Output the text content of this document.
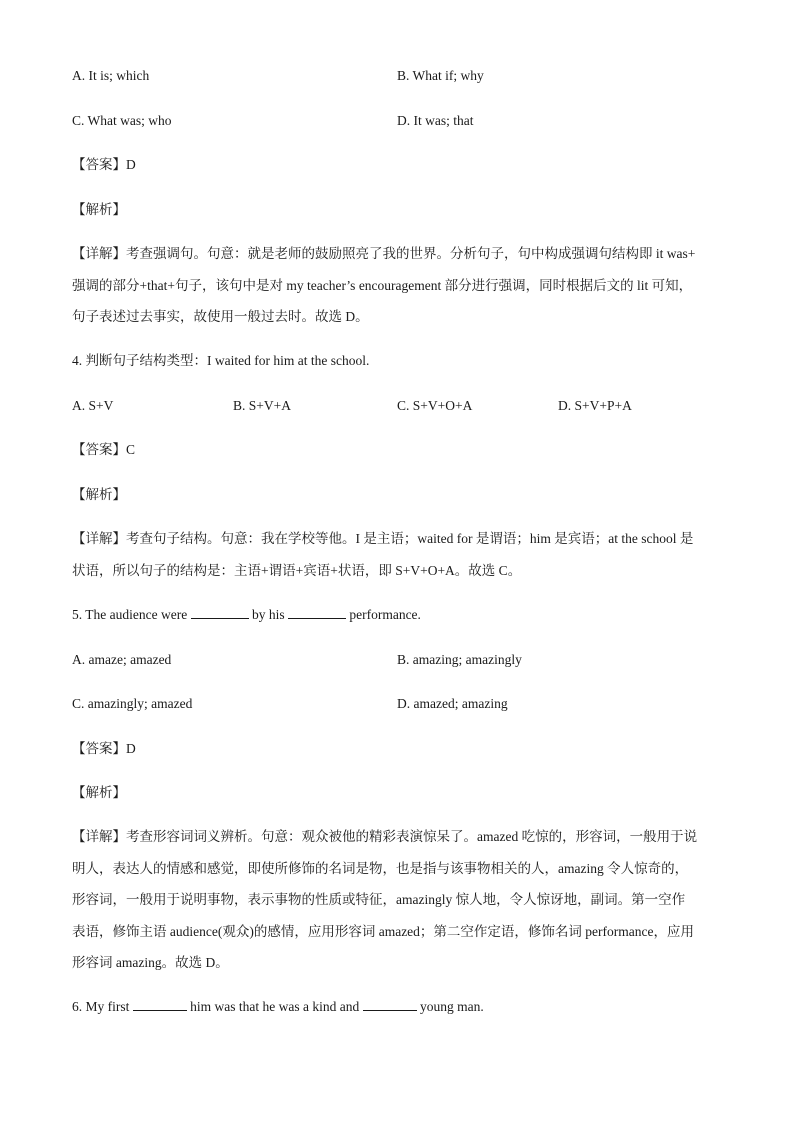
A. It is; which	B. What if; why
C. What was; who	D. It was; that
【答案】D
【解析】
【详解】考查强调句。句意：就是老师的鼓励照亮了我的世界。分析句子，句中构成强调句结构即 it was+
强调的部分+that+句子，该句中是对 my teacher’s encouragement 部分进行强调，同时根据后文的 lit 可知，
句子表述过去事实，故使用一般过去时。故选 D。
4. 判断句子结构类型：I waited for him at the school.
A. S+V	B. S+V+A	C. S+V+O+A	D. S+V+P+A
【答案】C
【解析】
【详解】考查句子结构。句意：我在学校等他。I 是主语；waited for 是谓语；him 是宾语；at the school 是
状语，所以句子的结构是：主语+谓语+宾语+状语，即 S+V+O+A。故选 C。
5. The audience were	by his	performance.
A. amaze; amazed	B. amazing; amazingly
C. amazingly; amazed	D. amazed; amazing
【答案】D
【解析】
【详解】考查形容词词义辨析。句意：观众被他的精彩表演惊呆了。amazed 吃惊的，形容词，一般用于说
明人，表达人的情感和感觉，即使所修饰的名词是物，也是指与该事物相关的人，amazing 令人惊奇的，
形容词，一般用于说明事物，表示事物的性质或特征，amazingly 惊人地，令人惊讶地，副词。第一空作
表语，修饰主语 audience(观众)的感情，应用形容词 amazed；第二空作定语，修饰名词 performance，应用
形容词 amazing。故选 D。
6. My first	him was that he was a kind and	young man.
